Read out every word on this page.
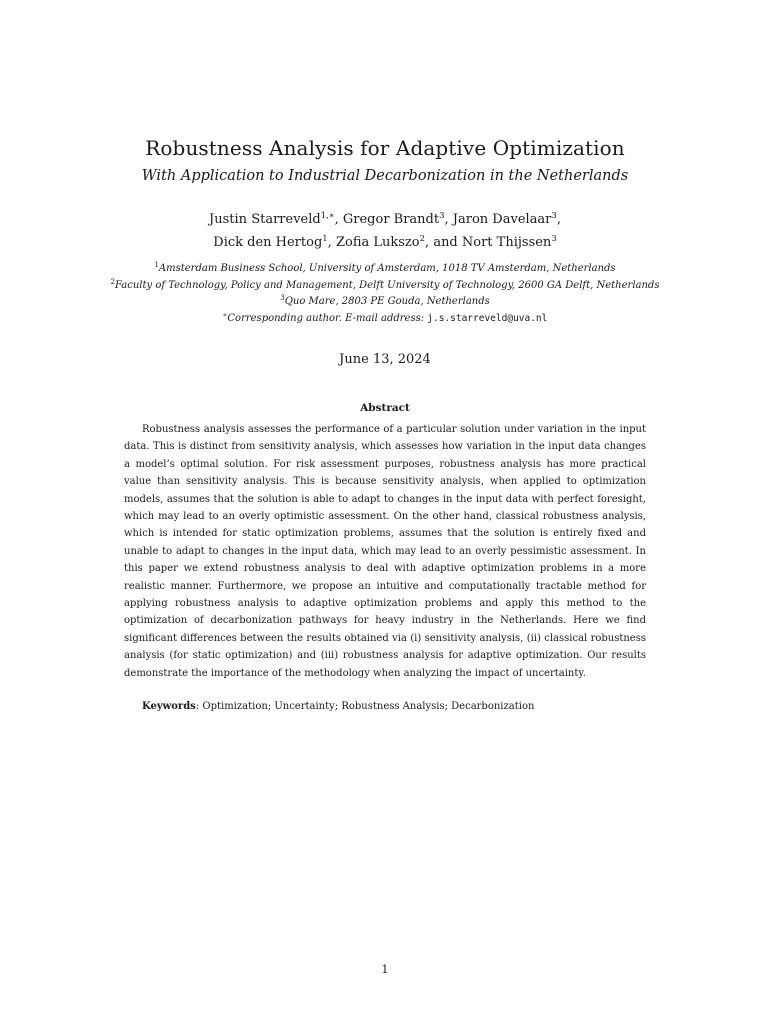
Robustness Analysis for Adaptive Optimization
With Application to Industrial Decarbonization in the Netherlands
Justin Starreveld$^{1,∗}$, Gregor Brandt$^3$, Jaron Davelaar$^3$,
Dick den Hertog$^1$, Zofia Lukszo$^2$, and Nort Thijssen$^3$
$^1$Amsterdam Business School, University of Amsterdam, 1018 TV Amsterdam, Netherlands
$^2$Faculty of Technology, Policy and Management, Delft University of Technology, 2600 GA Delft, Netherlands
$^3$Quo Mare, 2803 PE Gouda, Netherlands
∗Corresponding author. E-mail address: j.s.starreveld@uva.nl
June 13, 2024
Abstract

Robustness analysis assesses the performance of a particular solution under variation in the input data. This is distinct from sensitivity analysis, which assesses how variation in the input data changes a model’s optimal solution. For risk assessment purposes, robustness analysis has more practical value than sensitivity analysis. This is because sensitivity analysis, when applied to optimization models, assumes that the solution is able to adapt to changes in the input data with perfect foresight, which may lead to an overly optimistic assessment. On the other hand, classical robustness analysis, which is intended for static optimization problems, assumes that the solution is entirely fixed and unable to adapt to changes in the input data, which may lead to an overly pessimistic assessment. In this paper we extend robustness analysis to deal with adaptive optimization problems in a more realistic manner. Furthermore, we propose an intuitive and computationally tractable method for applying robustness analysis to adaptive optimization problems and apply this method to the optimization of decarbonization pathways for heavy industry in the Netherlands. Here we find significant differences between the results obtained via (i) sensitivity analysis, (ii) classical robustness analysis (for static optimization) and (iii) robustness analysis for adaptive optimization. Our results demonstrate the importance of the methodology when analyzing the impact of uncertainty.

Keywords: Optimization; Uncertainty; Robustness Analysis; Decarbonization
1
